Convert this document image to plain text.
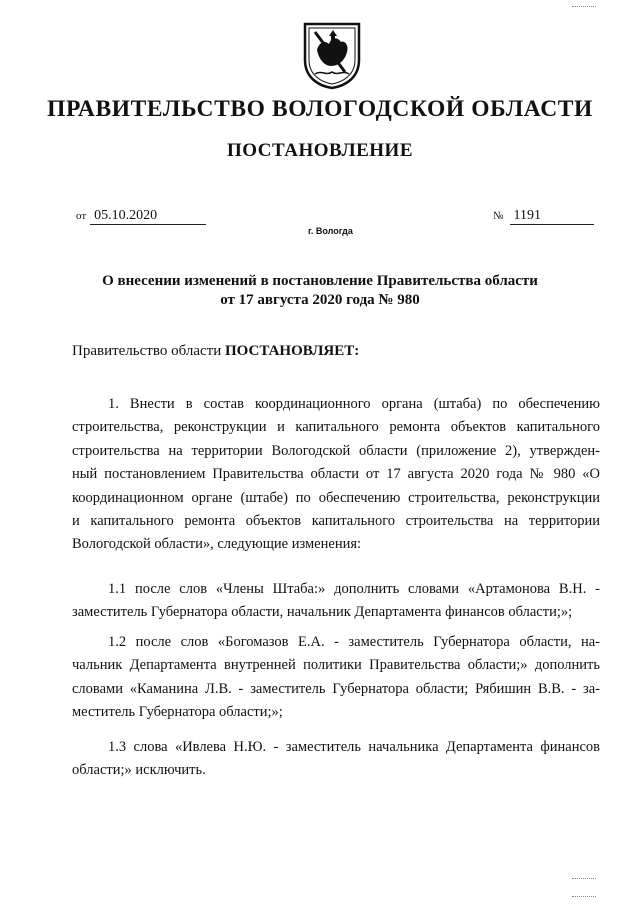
ПРАВИТЕЛЬСТВО ВОЛОГОДСКОЙ ОБЛАСТИ
ПОСТАНОВЛЕНИЕ
от 05.10.2020	№ 1191
г. Вологда
О внесении изменений в постановление Правительства области
от 17 августа 2020 года № 980
Правительство области ПОСТАНОВЛЯЕТ:
1. Внести в состав координационного органа (штаба) по обеспечению
строительства, реконструкции и капитального ремонта объектов капитального
строительства на территории Вологодской области (приложение 2), утвержден-
ный постановлением Правительства области от 17 августа 2020 года № 980 «О
координационном органе (штабе) по обеспечению строительства, реконструкции
и капитального ремонта объектов капитального строительства на территории
Вологодской области», следующие изменения:
1.1 после слов «Члены Штаба:» дополнить словами «Артамонова В.Н. -
заместитель Губернатора области, начальник Департамента финансов области;»;
1.2 после слов «Богомазов Е.А. - заместитель Губернатора области, на-
чальник Департамента внутренней политики Правительства области;» дополнить
словами «Каманина Л.В. - заместитель Губернатора области; Рябишин В.В. - за-
меститель Губернатора области;»;
1.3 слова «Ивлева Н.Ю. - заместитель начальника Департамента финансов
области;» исключить.
